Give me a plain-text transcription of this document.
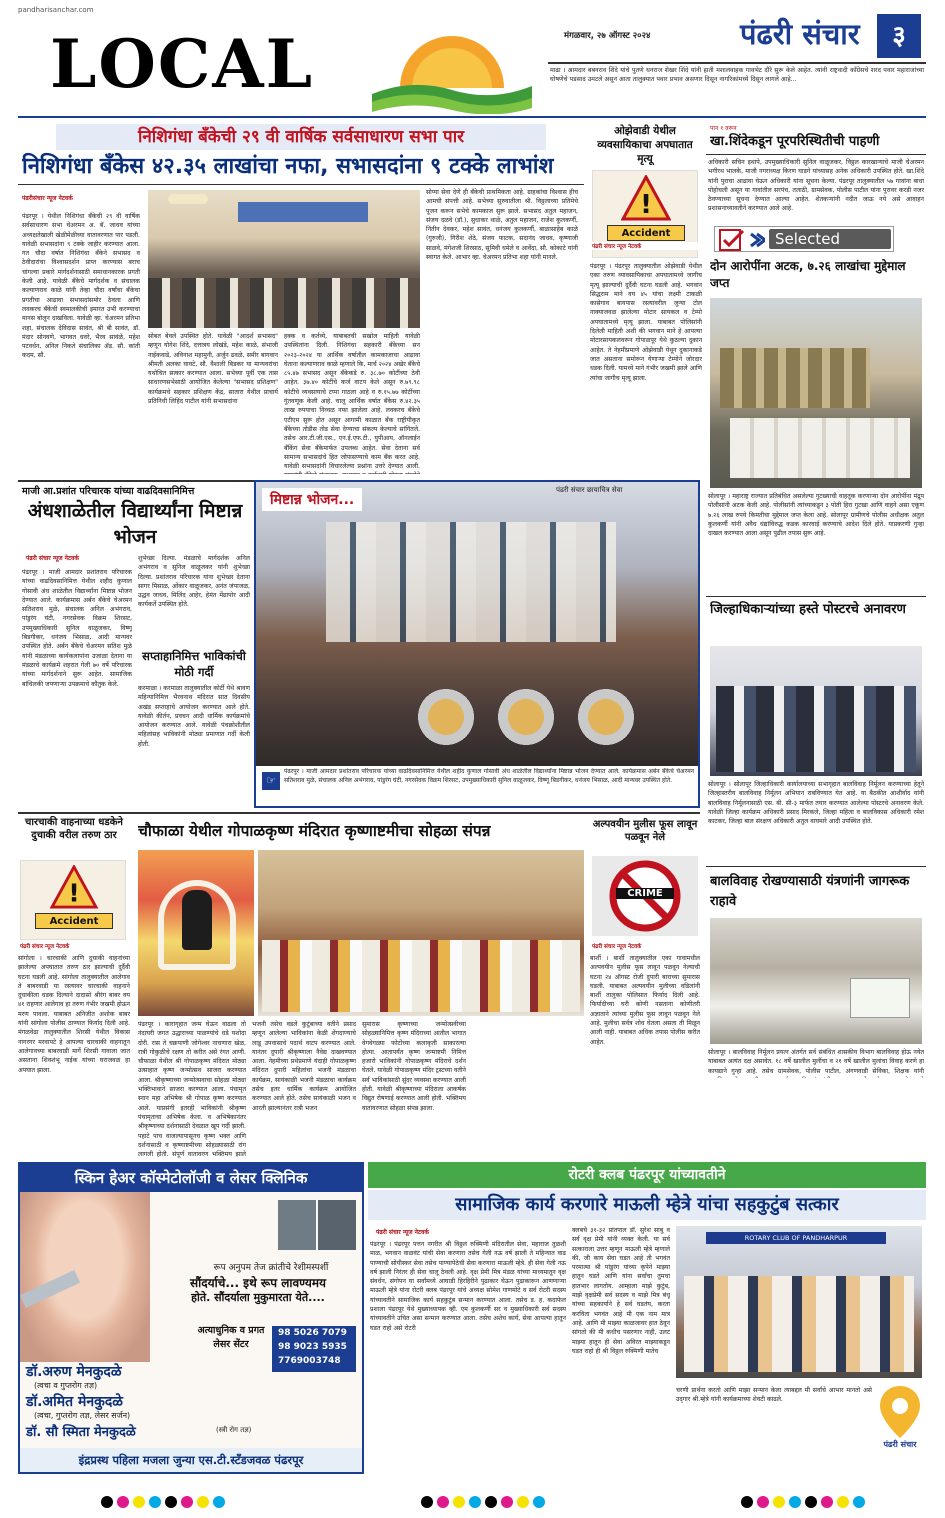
pandharisanchar.com
LOCAL	मंगळवार, २७ ऑगस्ट २०२४	पंढरी संचार	३
माढा । आमदार बबनराव शिंदे यांचे पुतणे धनराज शेखर शिंदे यांनी हाती मशालवाहक गावभेट दौरे सुरू केले आहेत. त्यांनी राष्ट्रवादी काँग्रेसचे शरद पवार महाराजांच्या घोषणेचे पडसाद उमटले असून आता तालुक्यात पवार प्रभाव असणार दिसून नागरिकांमध्ये दिसून लागले आहे...
निशिगंधा बँकेची २९ वी वार्षिक सर्वसाधारण सभा पार
निशिगंधा बँकेस ४२.३५ लाखांचा नफा, सभासदांना ९ टक्के लाभांश
पंढरीसंचार न्यूज नेटवर्क
पंढरपूर । येथील निशिगंधा बँकेची २९ वी वार्षिक सर्वसाधारण सभा चेअरमन अ. बॅ. जाधव यांच्या अध्यक्षतेखाली खेळीमेळीच्या वातावरणात पार पडली. यावेळी सभासदांना ९ टक्के जाहीर करण्यात आला. गत चौदा वर्षात निशिगंधा बँकेने सभासद व ठेवीदारांचा विश्वासदर्शन प्राप्त करण्यास बराच चांगल्या प्रकारे मार्गदर्शनासाठी समाधानकारक प्रगती केली आहे. यावेळी बँकेचे मार्गदर्शक व संचालक कल्याणराव काळे यांनी तेव्हा चौदा वर्षांचा बँकेचा प्रगतीचा आढावा सभासदांसमोर ठेवला आणि लवकरच बँकेची स्वमालकीची इमारत उभी करण्याचा मानस बोलून दाखविला. यावेळी व्हा. चेअरमन प्रतिभा शहा, संचालक देविदास सावंत, श्री बी सावंत, डॉ. मंदार सोनवणे, भागवत धवरे, भैरव सावंळे, महेश पटवर्धन, अनिल निकते संचालिका ॲड. सौ. कांती कदम, सौ.
सोबत बेवले उपस्थित होते. यावेळी "आदर्श सभासद" म्हणून योगेश शिंदे, दत्तात्रय लोखंडे, महेश काळे, संभाजी नाईकवाडे, अविनाश महामुनी, अर्जुन ढवळे, समीर बागवान श्रीमती अलका घावटे, सौ. वैशाली बिडकर या मान्यवरांचा यथोचित सत्कार करण्यात आला. सभेच्या पूर्वी एक तास साधारणसभेसाठी आयोजित केलेल्या "सभासद प्रशिक्षण" कार्यक्रमचे सहकार प्रशिक्षण केंद्र, सातारा येथील प्राचार्य प्रतिनिधी लिहिंद पाटील यांनी सभासदांना
हक्क व कर्तव्ये, याबाबतची सखोल माहिती यावेळी उपस्थितांना दिली. निशिगंधा सहकारी बँकेच्या सन २०२३-२०२४ या आर्थिक वर्षातील कामकाजाचा आढावा घेताना कल्याणराव काळे म्हणाले कि, मार्च २०२४ अखेर बँकेचे ८५.४७ सभासद असून बँकेकडे रु. ३८.७० कोटींच्या ठेवी आहेत. ३७.४० कोटींचे कर्ज वाटप केले असून रु.७९.९८ कोटीचे व्यवसायाचे टप्पा गाठला आहे व रु.१५.७७ कोटींच्या गुंतवणूक केली आहे. चालू आर्थिक वर्षात बँकेस रु.४२.३५ लाख रुपयाचा निव्वळ नफा झालेला आहे. लवकरच बँकेचे एटीएम सुरू होत असून आगामी काळात बँक राष्ट्रीयीकृत बँकेच्या तोडीस तोड सेवा देण्याचा संकल्प केल्याचे सांगितले. तसेच आर.टी.जी.एस., एन.ई.एफ.टी., युपीआय, ऑनलाईन बँकिंग सेवा बँकेमार्फत उपलब्ध आहेत. सेवा देताना सर्व सामान्य सभासदांचे हित जोपासण्याचे काम बँक करत आहे. यावेळी सभासदांनी विचारलेल्या प्रश्नांना उत्तरे देण्यात आली.
सोप्या सेवा देणे ही बँकेची प्राथमिकता आहे. ग्राहकांचा विश्वास हीच आमची संपत्ती आहे. सभेच्या सुरुवातीला श्री. विठ्ठलाच्या प्रतिमेचे पूजन करून सभेचे कामकाज सुरू झाले. सभासद अतुल महाजन, संजय दळवे (डॉ.), सुधाकर थाळे, अतुल महाजन, राजेश कुलकर्णी, नितीन देवकर, महेश सावंत, धनंजय कुलकर्णी, बाळासाहेब काळे (गुरुजी), गिरीश शेठे, संजय फाटक, सदानंद जाधव, कृष्णाजी साळवे, मंगेशजी शिरसाठ, सुमिवी धमेले व आर्वेदा, सौ. कोकाटे यांनी स्वागत केले. आभार व्हा. चेअरमन प्रतिभा शहा यांनी मानले.
ओझेवाडी येथील व्यवसायिकाचा अपघातात मृत्यू
!
Accident
पंढरी संचार न्यूज नेटवर्क
पंढरपूर । पंढरपूर तालुक्यातील ओझेवाडी येथील एका तरुण व्यावसायिकाचा अपघातामध्ये जागीच मृत्यू झाल्याची दुर्दैवी घटना घडली आहे. भगवान सिद्धराम माने वय ४५ यांचा लक्ष्मी टाकळी कासेगाव बायपास रस्त्यावरील जुन्या टोल नाक्याजवळ झालेल्या मोटार सायकल व टेम्पो अपघातामध्ये मृत्यू झाला. याबाबत पोलिसांनी दिलेली माहिती अशी की भगवान माने हे आपल्या मोटारसायकलवरून गोपाळपूर येथे कुठल्या दुकान आहेत. ते नेहमीप्रमाणे ओझेवाडी येथून दुकानाकडे जात असताना समोरून येणाऱ्या टेम्पोने जोरदार धडक दिली. यामध्ये माने गंभीर जखमी झाले आणि त्यांचा जागीच मृत्यू झाला.
पान १ वरून
खा.शिंदेकडून पूरपरिस्थितीची पाहणी
अधिकारी सचिन इथापे, उपमुख्याधिकारी सुनिल वाळूजकर, विठ्ठल कारखान्याचे माजी चेअरमन भगीरथ भालके, माजी नगराध्यक्ष किरण घाडगे यांच्यासह अनेक अधिकारी उपस्थित होते. खा.शिंदे यांनी पुराचा आढावा घेऊन अधिकारी यांना सूचना केल्या. पंढरपूर तालुक्यातील ५७ गावांना बाधा पोहोचली असून या गावांतील सरपंच, तलाठी, ग्रामसेवक, पोलीस पाटील यांना पुरावर करडी नजर ठेवण्याच्या सूचना देण्यात आल्या आहेत. शेतकऱ्यांनी नदीत जाऊ नये असे आवाहन प्रशासनाच्यावतीने करण्यात आले आहे.
Selected
दोन आरोपींना अटक, ७.२६ लाखांचा मुद्देमाल जप्त
सोलापूर । महाराष्ट्र राज्यात प्रतिबंधित असलेल्या गुटख्याची वाहतूक करणाऱ्या दोन आरोपींना मंद्रूप पोलीसांनी अटक केली आहे. पोलीसांनी त्यांच्याकडून ३ पोती हिरा गुटखा आणि वाहने असा एकूण ७.२६ लाख रुपये किमतीचा मुद्देमाल जप्त केला आहे. सोलापूर ग्रामीणचे पोलीस अधीक्षक अतुल कुलकर्णी यांनी अवैध धंद्यांविरुद्ध कडक कारवाई करण्याचे आदेश दिले होते. याप्रकरणी गुन्हा दाखल करण्यात आला असून पुढील तपास सुरू आहे.
जिल्हाधिकाऱ्यांच्या हस्ते पोस्टरचे अनावरण
सोलापूर । सोलापूर जिल्हाधिकारी कार्यालयाच्या सभागृहात बालविवाह निर्मूलन करण्याच्या हेतूने जिल्हास्तरीय बालविवाह निर्मूलन अभियान राबविण्यात येत आहे. या बैठकीत आशीर्वाद यांनी बालविवाह निर्मूलनासाठी एस. बी. सी-३ मार्फत तयार करण्यात आलेल्या पोस्टरचे अनावरण केले. यावेळी जिल्हा कार्यक्रम अधिकारी प्रसाद मिरकले, जिल्हा महिला व बालविकास अधिकारी रमेश काटकर, जिल्हा बाल संरक्षण अधिकारी अतुल वाघमारे आदी उपस्थित होते.
बालविवाह रोखण्यासाठी यंत्रणांनी जागरूक राहावे
सोलापूर । बालविवाह निर्मूलन प्रयत्न अंतर्गत सर्व संबंधित शासकीय विभाग बालविवाह होऊ नयेत याबाबत अत्यंत दक्ष असावेत. १८ वर्षे खालील मुलींचा व २१ वर्षे खालील मुलांचा विवाह करणे हा कायद्याने गुन्हा आहे. तसेच ग्रामसेवक, पोलीस पाटील, अंगणवाडी सेविका, शिक्षक यांनी
माजी आ.प्रशांत परिचारक यांच्या वाढदिवसानिमित्त
अंधशाळेतील विद्यार्थ्यांना मिष्टान्न भोजन
पंढरी संचार न्यूज नेटवर्क
पंढरपूर । माजी आमदार प्रशांतराव परिचारक यांच्या वाढदिवसानिमित्त येथील शहीद कुणाल गोसावी अंध शाळेतील विद्यार्थ्यांना मिष्टान्न भोजन देण्यात आले. कार्यक्रमास अर्बन बँकेचे चेअरमन सतिशराव मुळे, संचालक अनिल अभंगराव, पांडुरंग घंटी, नगरसेवक विक्रम शिरसट, उपमुख्याधिकारी सुनिल वाळूजकर, विष्णू बिडगीकर, धनंजय भिसाळ, आदी मान्यवर उपस्थित होते. अर्बन बँकेचे चेअरमन सतिश मुळे यांनी मंडळाच्या कार्यकलापांना उजाळा देताना या मंडळाचे कार्यक्रमे शहरात गेली ७० वर्षे परिचारक यांच्या मार्गदर्शनाने सुरू आहेत. सामाजिक बांधिलकी जपणाऱ्या उपक्रमाचे कौतुक केले.
शुभेच्छा दिल्या. मंडळाचे मार्गदर्शक अनिल अभंगराव व सुनिल वाळूजकर यांनी शुभेच्छा दिल्या. प्रशांतराव परिचारक यांना शुभेच्छा देताना सागर मिसाळ, ओंकार वाळूजकर, अनंत जंपाजळ, उद्धव जाधव, मिलिंद आहेर, हेमंत मेंढापोर आदी कार्यकर्ते उपस्थित होते.
सप्ताहानिमित्त भाविकांची मोठी गर्दी
करमाळा । करमाळा तालुक्यातील कोर्टी येथे श्रावण महिन्यानिमित्त भैरवनाथ मंदिरात सात दिवसीय अखंड सप्ताहाचे आयोजन करण्यात आले होते. यावेळी कीर्तन, प्रवचन आदी धार्मिक कार्यक्रमांचे आयोजन करण्यात आले. यावेळी पंचक्रोशीतील महिलांसह भाविकांनी मोठ्या प्रमाणात गर्दी केली होती.
मिष्टान्न भोजन...
पंढरी संचार छायाचित्र सेवा
पंढरपूर । माजी आमदार प्रशांतराव परिचारक यांच्या वाढदिवसानिमित्त येथील शहीद कुणाल गोसावी अंध शाळेतील विद्यार्थ्यांना मिष्टान्न भोजन देण्यात आले. कार्यक्रमास अर्बन बँकेचे चेअरमन सतिशराव मुळे, संचालक अनिल अभंगराव, पांडुरंग घंटी, नगरसेवक विक्रम शिरसट, उपमुख्याधिकारी सुनिल वाळूजकर, विष्णू बिडगीकर, धनंजय भिसाळ, आदी मान्यवर उपस्थित होते.
☞
चारचाकी वाहनाच्या धडकेने दुचाकी वरील तरुण ठार
!
Accident
पंढरी संचार न्यूज नेटवर्क
सांगोला । चारचाकी आणि दुचाकी वाहनांच्या झालेल्या अपघातात तरुण ठार झाल्याची दुर्दैवी घटना घडली आहे. सांगोला तालुक्यातील आलेगाव ते बाबरवाडी या रस्त्यावर चारचाकी वाहनाने दुचाकीला धडक दिल्याने दादासो श्रीरंग बाबर वय ४१ राहणार आलेगाव हा तरुण गंभीर जखमी होऊन मरण पावला. याबाबत अनिजीत अशोक बाबर यांनी सांगोला पोलीस ठाण्यात फिर्याद दिली आहे. मंगळवेढा तालुक्यातील शिरसी येथील विकास नागरगर मरवापटे हे आपल्या चारचाकी वाहनातून आलेगावच्या बाबरवाडी मार्गे शिरसी गावाला जात असताना शिवशंभू नाईक यांच्या घराजवळ हा अपघात झाला.
चौफाळा येथील गोपाळकृष्ण मंदिरात कृष्णाष्टमीचा सोहळा संपन्न
पंढरपूर । कारागृहात जन्म घेऊन वाढला तो नंदाघरी जगत उद्धाराच्या पाळण्यांचे धडे यशोदा दोरी. रास ते चक्रपाणी जोगेश्वर नाचणारा खेळ, रात्री गोकुळीचे रक्षण तो करीत असे रंगत आणी. चौफाळा येथील श्री गोपाळकृष्ण मंदिरात मोठ्या उत्साहात कृष्ण जन्मोत्सव साजरा करण्यात आला. श्रीकृष्णाच्या जन्मोत्सवाचा सोहळा मोठ्या भक्तिभावाने साजरा करण्यात आला. पंचामृत स्नान महा अभिषेक श्री गोपाळ कृष्ण करण्यात आले. याप्रसंगी इतरही भाविकांनी श्रीकृष्ण पंचामृताचा अभिषेक केला. व अभिषेकानंतर श्रीकृष्णाच्या दर्शनासाठी देवळात खूप गर्दी झाली. पहाटे पाच वाजल्यापासूनच कृष्ण भक्त आणि दर्शनासाठी व कृष्णाष्टमीच्या सोहळ्यासाठी रांग लागली होती. संपूर्ण वातावरण भक्तिमय झाले
भजनी तसेच वडले कुटुंबाच्या वतीने प्रसाद म्हणून आलेल्या भाविकांना केळी शेंगदाण्याचे लाडू उपवासाचे पदार्थ वाटप करण्यात आले. यानंतर दुपारी श्रीकृष्णाला नैवेद्य दाखवण्यात आला. नेहमीच्या प्रथेप्रमाणे यंदाही गोपाळकृष्ण मंदिरात दुपारी महिलांचा भजनी मंडळाचा कार्यक्रम, सायंकाळी भजनी मंडळाचा कार्यक्रम तसेच इतर धार्मिक कार्यक्रम आयोजित करण्यात आले होते. तसेच सायंकाळी भजन व आरती झाल्यानंतर रात्री भजन
सुमारास कृष्णाच्या जन्मोत्सवीच्या सोहळ्यानिमित्त कृष्ण मंदिराच्या आतील भागात वेगवेगळ्या फोटोंच्या कलाकृती साकारल्या होत्या. आतापर्यंत कृष्ण जन्माष्टमी निमित्त हजारो भाविकांनी गोपाळकृष्ण मंदिराचे दर्शन घेतले. यावेळी गोपाळकृष्ण मंदिर ट्रस्टच्या वतीने सर्व भाविकांसाठी सुंदर व्यवस्था करण्यात आली होती. यावेळी श्रीकृष्णाच्या मंदिराला आकर्षक विद्युत रोषणाई करण्यात आली होती. भक्तिमय वातावरणात सोहळा संपन्न झाला.
अल्पवयीन मुलीस फूस लावून पळवून नेले
CRIME
पंढरी संचार न्यूज नेटवर्क
बार्शी । बार्शी तालुक्यातील एका गावामधील अल्पवयीन मुलीस फूस लावून पळवून नेल्याची घटना २४ ऑगस्ट रोजी दुपारी बाराच्या सुमारास घडली. याबाबत अल्पवयीन मुलीच्या वडिलांनी बार्शी तालुका पोलिसात फिर्याद दिली आहे. फिर्यादीच्या घरी कोणी नसताना कोणीतरी अज्ञाताने त्यांच्या मुलीस फूस लावून पळवून नेले आहे. मुलीचा सर्वत्र शोध घेतला असता ती मिळून आली नाही. याबाबत अधिक तपास पोलीस करीत आहेत.
स्किन हेअर कॉस्मेटोलॉजी व लेसर क्लिनिक
रूप अनुपम तेज क्रांतीचे रेशीमस्पर्शी
सौंदर्याचे... इथे रूप लावण्यमय
होते. सौंदर्याला मुकुमारता येते....
डॉ.अरुण मेनकुदळे
(त्वचा व गुप्तरोग तज्ञ)
डॉ.अमित मेनकुदळे
(त्वचा, गुप्तरोग तज्ञ, लेसर सर्जन)
डॉ. सौ स्मिता मेनकुदळे	(स्त्री रोग तज्ञ)
अत्याधुनिक व प्रगत लेसर सेंटर
98 5026 7079
98 9023 5935
7769003748
इंद्रप्रस्थ पहिला मजला जुन्या एस.टी.स्टँडजवळ पंढरपूर
रोटरी क्लब पंढरपूर यांच्यावतीने
सामाजिक कार्य करणारे माऊली म्हेत्रे यांचा सहकुटुंब सत्कार
पंढरी संचार न्यूज नेटवर्क
पंढरपूर । पंढरपूर पत्तन नगरीत श्री विठ्ठल रुक्मिणी मंदिरातील सेवा, महाराज तुळशी माळ, भगवान वाळवंट यांची सेवा करणारा तसेच गेली नऊ वर्ष झाली ते महिन्यात वाढ पाण्याची सोयीस्कर सेवा तसेच पाण्यापेठेची सेवा करणारा माऊली म्हेत्रे. ही सेवा गेली नऊ वर्ष झाली निरंतर ही सेवा चालू ठेवली आहे. वृक्ष प्रेमी मित्र मंडळ यांच्या माध्यमातून वृक्ष संवर्धन, संगोपन या सर्वांमध्ये आघाडी हिरहिरीने पुढाकार घेऊन पुढाकारून आणणाऱ्या माऊली म्हेत्रे यांना रोटरी क्लब पंढरपूर यांचे अध्यक्ष सोमेश गाणमोटे व सर्व रोटरी सदस्य यांच्यावतीने सामाजिक कार्य सहकुटुंब सन्मान करण्यात आला. तसेच ड. ह. कदाफेल प्रशाला पंढरपूर येथे मुख्याध्यापक व्ही. एम कुलकर्णी सर व मुख्याधिकारी सर्व सदस्य यांच्यावतीने उचित असा सन्मान करण्यात आला. तसेच अशेच कार्य, सेवा आपल्या हातून घडत राहो असे रोटरी
क्लबचे ३१-३२ प्रांतपाल डॉ. सुरेश साबु व सर्व वृक्ष प्रेमी यांनी व्यक्त केली. या सर्व सत्काराला उत्तर म्हणून माऊली म्हेत्रे म्हणाले की, जी काय सेवा घडत आहे ती भगवंत परमात्मा श्री पांडुरंग यांच्या कृपेने माझ्या हातून घडते आणि यांना सर्वांचा तुमचा हातभार लागतोय. आम्हाला माझे कुटुंब, माझे वृक्षप्रेमी सर्व सदस्य व माझे मित्र बंधू यांच्या सहकार्याने हे सर्व घडतंय, करता करविता भगवंत आहे मी एक नाम मात्र आहे. आणि मी माझ्या काळजावर हात ठेवून सांगतो की मी कधीच पसरणार नाही, उलट माझ्या हातून ही सेवा अविरत माझ्याकडून घडत राहो ही श्री विठ्ठल रुक्मिणी मातेच
ROTARY CLUB OF PANDHARPUR
चरणी प्रार्थना करतो आणि माझा सन्मान केला त्याबद्दल मी सर्वांचे आभार मानतो असे उद्‌गार श्री.म्हेत्रे यांनी कार्यक्रमाच्या शेवटी काढले.
पंढरी संचार
